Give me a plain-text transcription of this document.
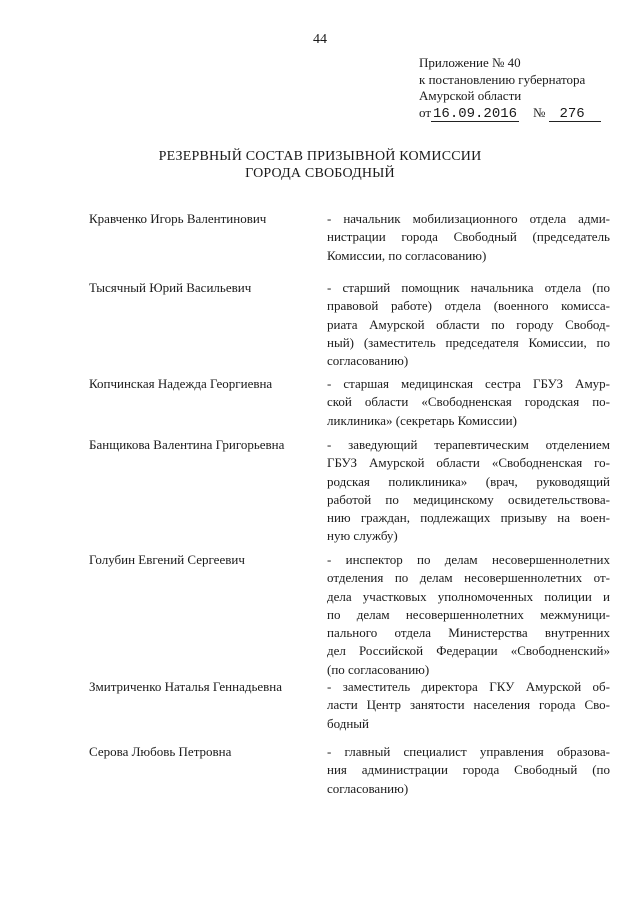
44
Приложение № 40
к постановлению губернатора
Амурской области
от 16.09.2016 № 276
РЕЗЕРВНЫЙ СОСТАВ ПРИЗЫВНОЙ КОМИССИИ
ГОРОДА СВОБОДНЫЙ
Кравченко Игорь Валентинович	- начальник мобилизационного отдела адми-
нистрации города Свободный (председатель
Комиссии, по согласованию)
Тысячный Юрий Васильевич	- старший помощник начальника отдела (по
правовой работе) отдела (военного комисса-
риата Амурской области по городу Свобод-
ный) (заместитель председателя Комиссии, по
согласованию)
Копчинская Надежда Георгиевна	- старшая медицинская сестра ГБУЗ Амур-
ской области «Свободненская городская по-
ликлиника» (секретарь Комиссии)
Банщикова Валентина Григорьевна	- заведующий терапевтическим отделением
ГБУЗ Амурской области «Свободненская го-
родская поликлиника» (врач, руководящий
работой по медицинскому освидетельствова-
нию граждан, подлежащих призыву на воен-
ную службу)
Голубин Евгений Сергеевич	- инспектор по делам несовершеннолетних
отделения по делам несовершеннолетних от-
дела участковых уполномоченных полиции и
по делам несовершеннолетних межмуници-
пального отдела Министерства внутренних
дел Российской Федерации «Свободненский»
(по согласованию)
Змитриченко Наталья Геннадьевна	- заместитель директора ГКУ Амурской об-
ласти Центр занятости населения города Сво-
бодный
Серова Любовь Петровна	- главный специалист управления образова-
ния администрации города Свободный (по
согласованию)
